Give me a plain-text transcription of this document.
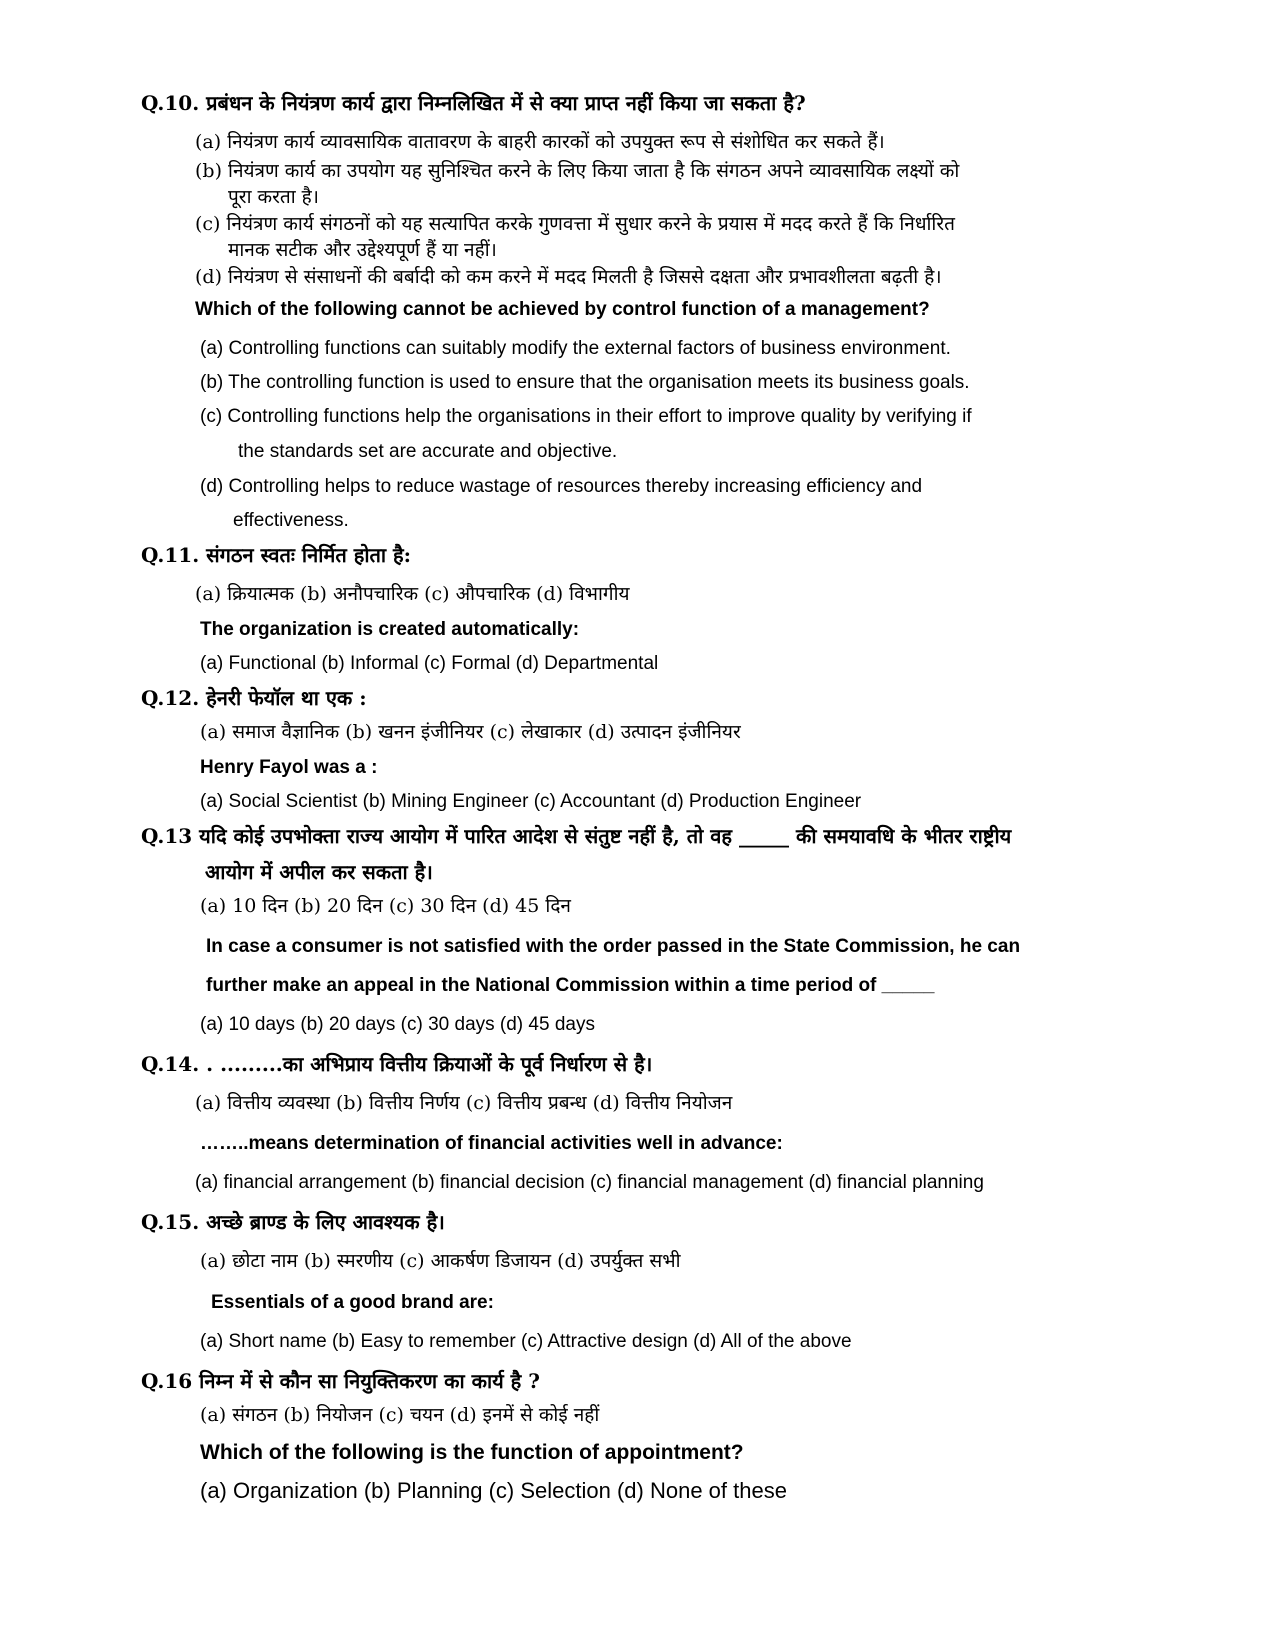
Q.10. प्रबंधन के नियंत्रण कार्य द्वारा निम्नलिखित में से क्या प्राप्त नहीं किया जा सकता है?
(a) नियंत्रण कार्य व्यावसायिक वातावरण के बाहरी कारकों को उपयुक्त रूप से संशोधित कर सकते हैं।
(b) नियंत्रण कार्य का उपयोग यह सुनिश्चित करने के लिए किया जाता है कि संगठन अपने व्यावसायिक लक्ष्यों को
पूरा करता है।
(c) नियंत्रण कार्य संगठनों को यह सत्यापित करके गुणवत्ता में सुधार करने के प्रयास में मदद करते हैं कि निर्धारित
मानक सटीक और उद्देश्यपूर्ण हैं या नहीं।
(d) नियंत्रण से संसाधनों की बर्बादी को कम करने में मदद मिलती है जिससे दक्षता और प्रभावशीलता बढ़ती है।
Which of the following cannot be achieved by control function of a management?
(a) Controlling functions can suitably modify the external factors of business environment.
(b) The controlling function is used to ensure that the organisation meets its business goals.
(c) Controlling functions help the organisations in their effort to improve quality by verifying if
the standards set are accurate and objective.
(d) Controlling helps to reduce wastage of resources thereby increasing efficiency and
effectiveness.
Q.11. संगठन स्वतः निर्मित होता है:
(a) क्रियात्मक (b) अनौपचारिक (c) औपचारिक (d) विभागीय
The organization is created automatically:
(a) Functional (b) Informal (c) Formal (d) Departmental
Q.12. हेनरी फेयॉल था एक :
(a) समाज वैज्ञानिक (b) खनन इंजीनियर (c) लेखाकार (d) उत्पादन इंजीनियर
Henry Fayol was a :
(a) Social Scientist (b) Mining Engineer (c) Accountant (d) Production Engineer
Q.13 यदि कोई उपभोक्ता राज्य आयोग में पारित आदेश से संतुष्ट नहीं है, तो वह _____ की समयावधि के भीतर राष्ट्रीय
आयोग में अपील कर सकता है।
(a) 10 दिन (b) 20 दिन (c) 30 दिन (d) 45 दिन
In case a consumer is not satisfied with the order passed in the State Commission, he can
further make an appeal in the National Commission within a time period of _____
(a) 10 days (b) 20 days (c) 30 days (d) 45 days
Q.14. . .........का अभिप्राय वित्तीय क्रियाओं के पूर्व निर्धारण से है।
(a) वित्तीय व्यवस्था (b) वित्तीय निर्णय (c) वित्तीय प्रबन्ध (d) वित्तीय नियोजन
……..means determination of financial activities well in advance:
(a) financial arrangement (b) financial decision (c) financial management (d) financial planning
Q.15. अच्छे ब्राण्ड के लिए आवश्यक है।
(a) छोटा नाम (b) स्मरणीय (c) आकर्षण डिजायन (d) उपर्युक्त सभी
Essentials of a good brand are:
(a) Short name (b) Easy to remember (c) Attractive design (d) All of the above
Q.16 निम्न में से कौन सा नियुक्तिकरण का कार्य है ?
(a) संगठन (b) नियोजन (c) चयन (d) इनमें से कोई नहीं
Which of the following is the function of appointment?
(a) Organization (b) Planning (c) Selection (d) None of these
